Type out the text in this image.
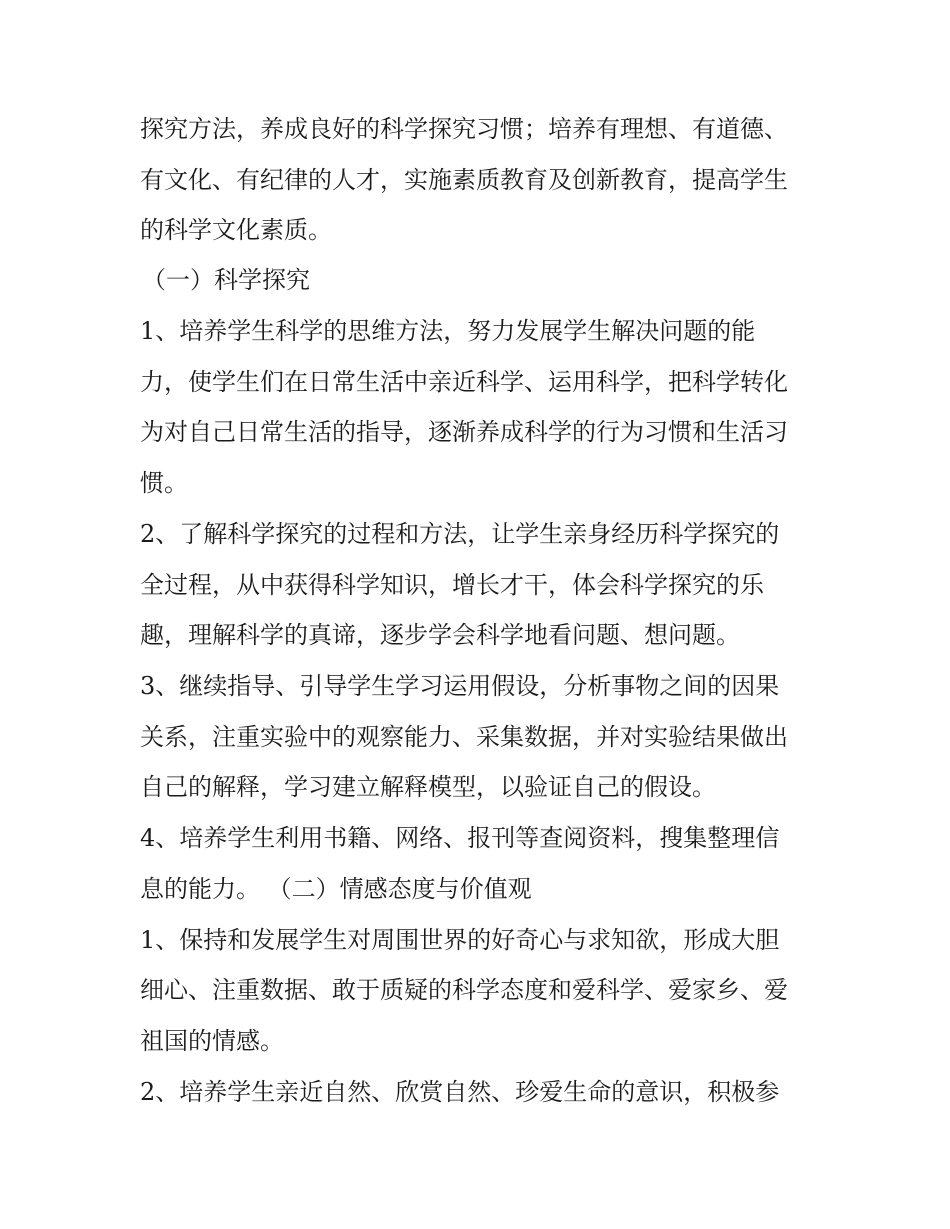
探究方法，养成良好的科学探究习惯；培养有理想、有道德、

有文化、有纪律的人才，实施素质教育及创新教育，提高学生

的科学文化素质。

（一）科学探究

1、培养学生科学的思维方法，努力发展学生解决问题的能

力，使学生们在日常生活中亲近科学、运用科学，把科学转化

为对自己日常生活的指导，逐渐养成科学的行为习惯和生活习

惯。

2、了解科学探究的过程和方法，让学生亲身经历科学探究的

全过程，从中获得科学知识，增长才干，体会科学探究的乐

趣，理解科学的真谛，逐步学会科学地看问题、想问题。

3、继续指导、引导学生学习运用假设，分析事物之间的因果

关系，注重实验中的观察能力、采集数据，并对实验结果做出

自己的解释，学习建立解释模型，以验证自己的假设。

4、培养学生利用书籍、网络、报刊等查阅资料，搜集整理信

息的能力。 （二）情感态度与价值观

1、保持和发展学生对周围世界的好奇心与求知欲，形成大胆

细心、注重数据、敢于质疑的科学态度和爱科学、爱家乡、爱

祖国的情感。

2、培养学生亲近自然、欣赏自然、珍爱生命的意识，积极参
